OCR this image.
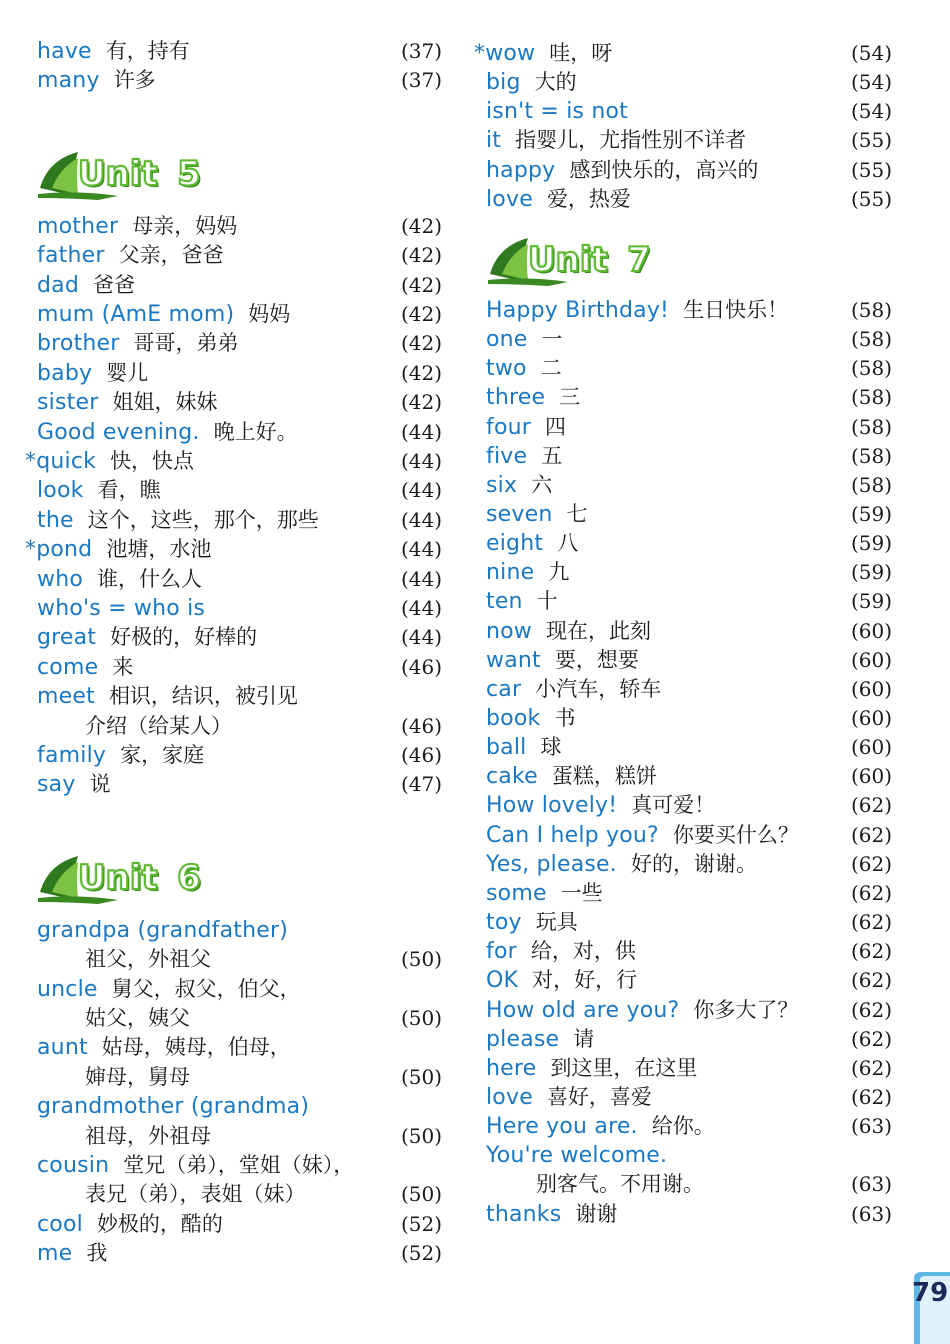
have 有，持有	(37)
many 许多	(37)
Unit 5
mother 母亲，妈妈	(42)
father 父亲，爸爸	(42)
dad 爸爸	(42)
mum (AmE mom) 妈妈	(42)
brother 哥哥，弟弟	(42)
baby 婴儿	(42)
sister 姐姐，妹妹	(42)
Good evening. 晚上好。	(44)
*quick 快，快点	(44)
look 看，瞧	(44)
the 这个，这些，那个，那些	(44)
*pond 池塘，水池	(44)
who 谁，什么人	(44)
who's = who is	(44)
great 好极的，好棒的	(44)
come 来	(46)
meet 相识，结识，被引见
介绍（给某人）	(46)
family 家，家庭	(46)
say 说	(47)
Unit 6
grandpa (grandfather)
祖父，外祖父	(50)
uncle 舅父，叔父，伯父，
姑父，姨父	(50)
aunt 姑母，姨母，伯母，
婶母，舅母	(50)
grandmother (grandma)
祖母，外祖母	(50)
cousin 堂兄（弟），堂姐（妹），
表兄（弟），表姐（妹）	(50)
cool 妙极的，酷的	(52)
me 我	(52)
*wow 哇，呀	(54)
big 大的	(54)
isn't = is not	(54)
it 指婴儿，尤指性别不详者	(55)
happy 感到快乐的，高兴的	(55)
love 爱，热爱	(55)
Unit 7
Happy Birthday! 生日快乐！	(58)
one 一	(58)
two 二	(58)
three 三	(58)
four 四	(58)
five 五	(58)
six 六	(58)
seven 七	(59)
eight 八	(59)
nine 九	(59)
ten 十	(59)
now 现在，此刻	(60)
want 要，想要	(60)
car 小汽车，轿车	(60)
book 书	(60)
ball 球	(60)
cake 蛋糕，糕饼	(60)
How lovely! 真可爱！	(62)
Can I help you? 你要买什么？	(62)
Yes, please. 好的，谢谢。	(62)
some 一些	(62)
toy 玩具	(62)
for 给，对，供	(62)
OK 对，好，行	(62)
How old are you? 你多大了？	(62)
please 请	(62)
here 到这里，在这里	(62)
love 喜好，喜爱	(62)
Here you are. 给你。	(63)
You're welcome.
别客气。不用谢。	(63)
thanks 谢谢	(63)
79
